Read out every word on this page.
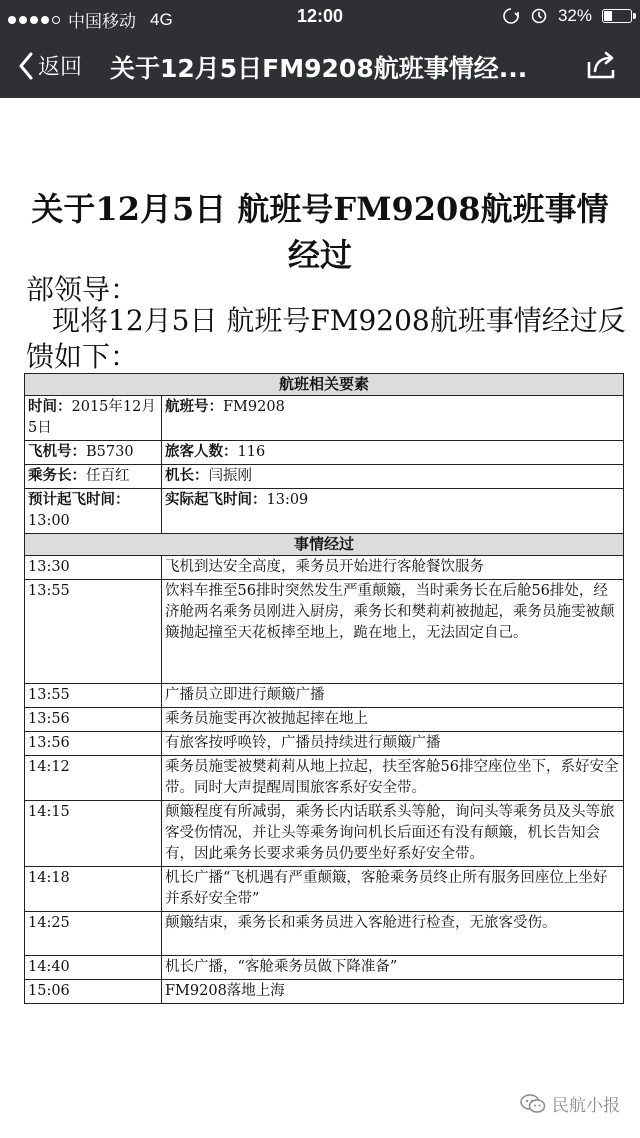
中国移动 4G	12:00	32%
返回 关于12月5日FM9208航班事情经...
关于12月5日 航班号FM9208航班事情经过
部领导：
现将12月5日 航班号FM9208航班事情经过反馈如下：
航班相关要素	
时间：2015年12月5日	航班号：FM9208
飞机号：B5730	旅客人数：116
乘务长：任百红	机长：闫振刚
预计起飞时间：13:00	实际起飞时间：13:09
事情经过	
13:30	飞机到达安全高度，乘务员开始进行客舱餐饮服务
13:55	饮料车推至56排时突然发生严重颠簸，当时乘务长在后舱56排处，经济舱两名乘务员刚进入厨房，乘务长和樊莉莉被抛起，乘务员施雯被颠簸抛起撞至天花板摔至地上，跪在地上，无法固定自己。
13:55	广播员立即进行颠簸广播
13:56	乘务员施雯再次被抛起摔在地上
13:56	有旅客按呼唤铃，广播员持续进行颠簸广播
14:12	乘务员施雯被樊莉莉从地上拉起，扶至客舱56排空座位坐下，系好安全带。同时大声提醒周围旅客系好安全带。
14:15	颠簸程度有所减弱，乘务长内话联系头等舱，询问头等乘务员及头等旅客受伤情况，并让头等乘务询问机长后面还有没有颠簸，机长告知会有，因此乘务长要求乘务员仍要坐好系好安全带。
14:18	机长广播“飞机遇有严重颠簸，客舱乘务员终止所有服务回座位上坐好并系好安全带”
14:25	颠簸结束，乘务长和乘务员进入客舱进行检查，无旅客受伤。
14:40	机长广播，“客舱乘务员做下降准备”
15:06	FM9208落地上海
民航小报
